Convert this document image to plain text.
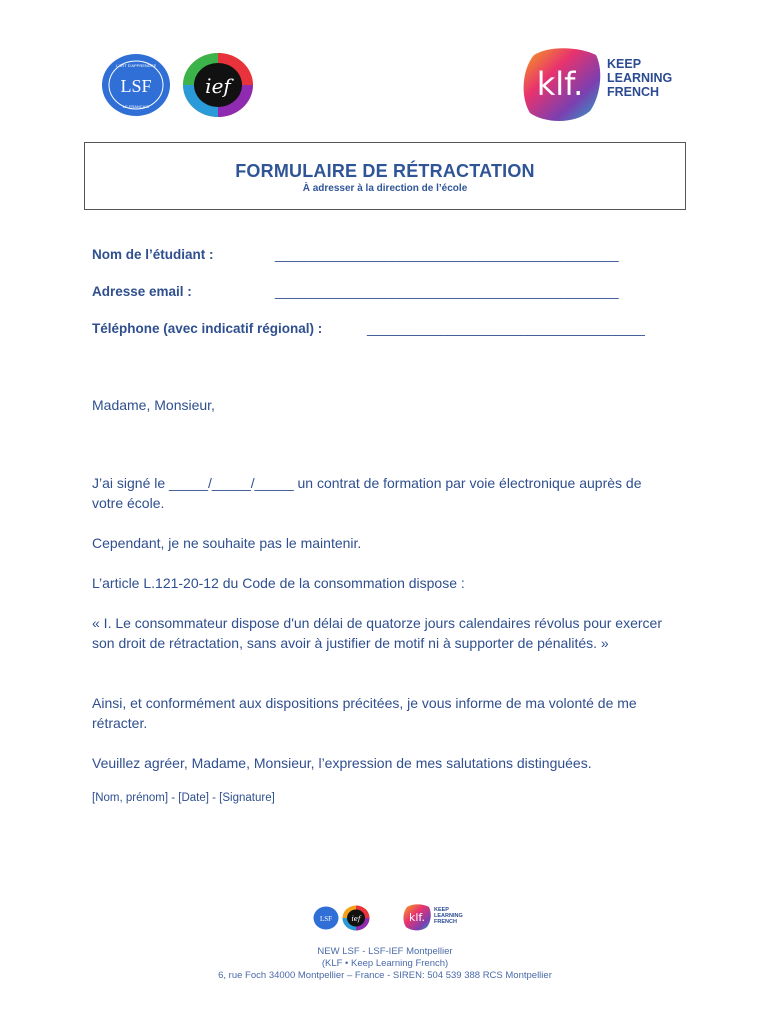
LSF
L'ART D'APPRENDRE
LE FRANÇAIS
ief	klf.
KEEP
LEARNING
FRENCH
FORMULAIRE DE RÉTRACTATION
À adresser à la direction de l’école
Nom de l’étudiant :	_______________________________________________
Adresse email :	_______________________________________________
Téléphone (avec indicatif régional) :	______________________________________
Madame, Monsieur,
J’ai signé le _____/_____/_____ un contrat de formation par voie électronique auprès de votre école.
Cependant, je ne souhaite pas le maintenir.
L’article L.121-20-12 du Code de la consommation dispose :
« I. Le consommateur dispose d'un délai de quatorze jours calendaires révolus pour exercer son droit de rétractation, sans avoir à justifier de motif ni à supporter de pénalités. »
Ainsi, et conformément aux dispositions précitées, je vous informe de ma volonté de me rétracter.
Veuillez agréer, Madame, Monsieur, l’expression de mes salutations distinguées.
[Nom, prénom] - [Date] - [Signature]
LSF	ief	klf.
KEEP
LEARNING
FRENCH
NEW LSF - LSF-IEF Montpellier
(KLF • Keep Learning French)
6, rue Foch 34000 Montpellier – France - SIREN: 504 539 388 RCS Montpellier
